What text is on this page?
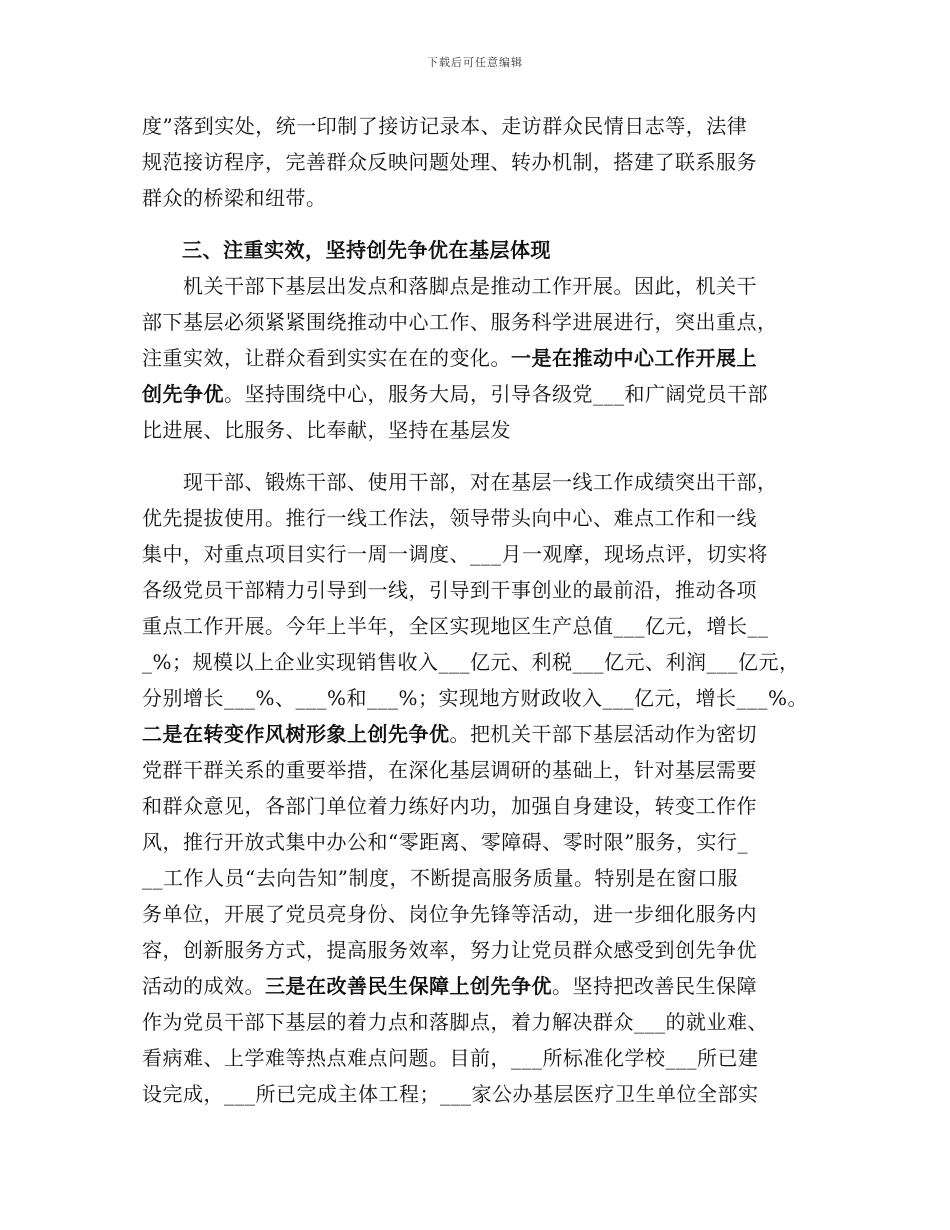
下载后可任意编辑
度”落到实处，统一印制了接访记录本、走访群众民情日志等，法律
规范接访程序，完善群众反映问题处理、转办机制，搭建了联系服务
群众的桥梁和纽带。
三、注重实效，坚持创先争优在基层体现
　　机关干部下基层出发点和落脚点是推动工作开展。因此，机关干
部下基层必须紧紧围绕推动中心工作、服务科学进展进行，突出重点，
注重实效，让群众看到实实在在的变化。一是在推动中心工作开展上
创先争优。坚持围绕中心，服务大局，引导各级党___和广阔党员干部
比进展、比服务、比奉献，坚持在基层发
　　现干部、锻炼干部、使用干部，对在基层一线工作成绩突出干部，
优先提拔使用。推行一线工作法，领导带头向中心、难点工作和一线
集中，对重点项目实行一周一调度、___月一观摩，现场点评，切实将
各级党员干部精力引导到一线，引导到干事创业的最前沿，推动各项
重点工作开展。今年上半年，全区实现地区生产总值___亿元，增长__
_%；规模以上企业实现销售收入___亿元、利税___亿元、利润___亿元，
分别增长___%、___%和___%；实现地方财政收入___亿元，增长___%。
二是在转变作风树形象上创先争优。把机关干部下基层活动作为密切
党群干群关系的重要举措，在深化基层调研的基础上，针对基层需要
和群众意见，各部门单位着力练好内功，加强自身建设，转变工作作
风，推行开放式集中办公和“零距离、零障碍、零时限”服务，实行_
__工作人员“去向告知”制度，不断提高服务质量。特别是在窗口服
务单位，开展了党员亮身份、岗位争先锋等活动，进一步细化服务内
容，创新服务方式，提高服务效率，努力让党员群众感受到创先争优
活动的成效。三是在改善民生保障上创先争优。坚持把改善民生保障
作为党员干部下基层的着力点和落脚点，着力解决群众___的就业难、
看病难、上学难等热点难点问题。目前，___所标准化学校___所已建
设完成，___所已完成主体工程；___家公办基层医疗卫生单位全部实
